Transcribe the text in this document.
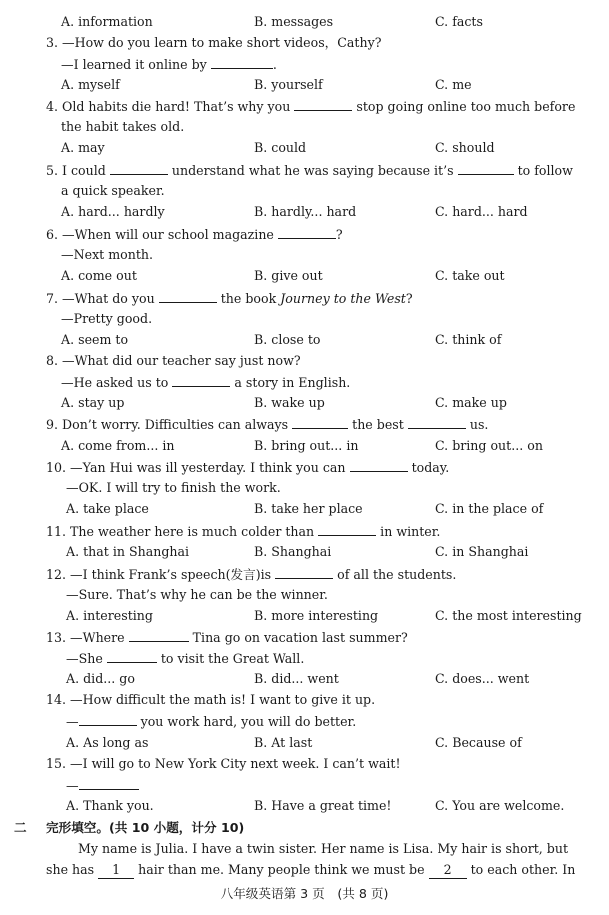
A. information	B. messages	C. facts
3. —How do you learn to make short videos，Cathy?
—I learned it online by	.
A. myself	B. yourself	C. me
4. Old habits die hard! That’s why you	stop going online too much before
the habit takes old.
A. may	B. could	C. should
5. I could	understand what he was saying because it’s	to follow
a quick speaker.
A. hard... hardly	B. hardly... hard	C. hard... hard
6. —When will our school magazine	?
—Next month.
A. come out	B. give out	C. take out
7. —What do you	the book Journey to the West?
—Pretty good.
A. seem to	B. close to	C. think of
8. —What did our teacher say just now?
—He asked us to	a story in English.
A. stay up	B. wake up	C. make up
9. Don’t worry. Difficulties can always	the best	us.
A. come from... in	B. bring out... in	C. bring out... on
10. —Yan Hui was ill yesterday. I think you can	today.
—OK. I will try to finish the work.
A. take place	B. take her place	C. in the place of
11. The weather here is much colder than	in winter.
A. that in Shanghai	B. Shanghai	C. in Shanghai
12. —I think Frank’s speech(发言)is	of all the students.
—Sure. That’s why he can be the winner.
A. interesting	B. more interesting	C. the most interesting
13. —Where	Tina go on vacation last summer?
—She	to visit the Great Wall.
A. did... go	B. did... went	C. does... went
14. —How difficult the math is! I want to give it up.
—	you work hard, you will do better.
A. As long as	B. At last	C. Because of
15. —I will go to New York City next week. I can’t wait!
—
A. Thank you.	B. Have a great time!	C. You are welcome.
二 完形填空。(共 10 小题，计分 10)
My name is Julia. I have a twin sister. Her name is Lisa. My hair is short, but
she has 1 hair than me. Many people think we must be 2 to each other. In
八年级英语第 3 页　(共 8 页)
